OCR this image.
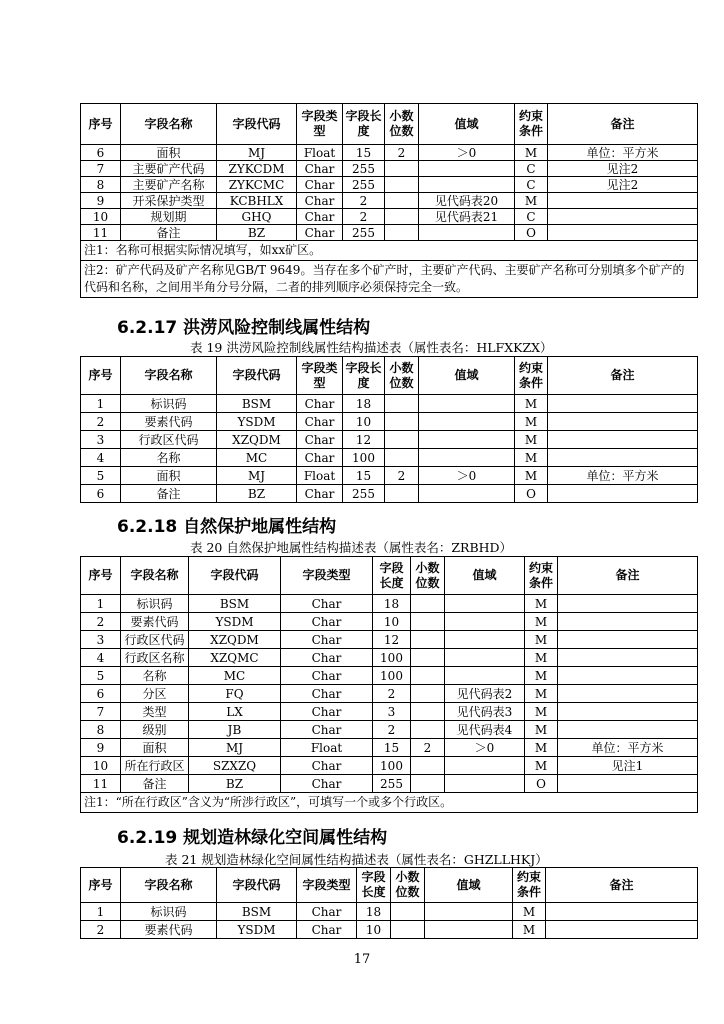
序号	字段名称	字段代码	字段类型	字段长度	小数位数	值域	约束条件	备注
6	面积	MJ	Float	15	2	＞0	M	单位：平方米
7	主要矿产代码	ZYKCDM	Char	255			C	见注2
8	主要矿产名称	ZYKCMC	Char	255			C	见注2
9	开采保护类型	KCBHLX	Char	2		见代码表20	M	
10	规划期	GHQ	Char	2		见代码表21	C	
11	备注	BZ	Char	255			O	
注1：名称可根据实际情况填写，如xx矿区。								
注2：矿产代码及矿产名称见GB/T 9649。当存在多个矿产时，主要矿产代码、主要矿产名称可分别填多个矿产的代码和名称，之间用半角分号分隔，二者的排列顺序必须保持完全一致。								
6.2.17 洪涝风险控制线属性结构
表 19 洪涝风险控制线属性结构描述表（属性表名：HLFXKZX）
序号	字段名称	字段代码	字段类型	字段长度	小数位数	值域	约束条件	备注
1	标识码	BSM	Char	18			M	
2	要素代码	YSDM	Char	10			M	
3	行政区代码	XZQDM	Char	12			M	
4	名称	MC	Char	100			M	
5	面积	MJ	Float	15	2	＞0	M	单位：平方米
6	备注	BZ	Char	255			O	
6.2.18 自然保护地属性结构
表 20 自然保护地属性结构描述表（属性表名：ZRBHD）
序号	字段名称	字段代码	字段类型	字段长度	小数位数	值域	约束条件	备注
1	标识码	BSM	Char	18			M	
2	要素代码	YSDM	Char	10			M	
3	行政区代码	XZQDM	Char	12			M	
4	行政区名称	XZQMC	Char	100			M	
5	名称	MC	Char	100			M	
6	分区	FQ	Char	2		见代码表2	M	
7	类型	LX	Char	3		见代码表3	M	
8	级别	JB	Char	2		见代码表4	M	
9	面积	MJ	Float	15	2	＞0	M	单位：平方米
10	所在行政区	SZXZQ	Char	100			M	见注1
11	备注	BZ	Char	255			O	
注1：“所在行政区”含义为“所涉行政区”，可填写一个或多个行政区。								
6.2.19 规划造林绿化空间属性结构
表 21 规划造林绿化空间属性结构描述表（属性表名：GHZLLHKJ）
序号	字段名称	字段代码	字段类型	字段长度	小数位数	值域	约束条件	备注
1	标识码	BSM	Char	18			M	
2	要素代码	YSDM	Char	10			M	
17
